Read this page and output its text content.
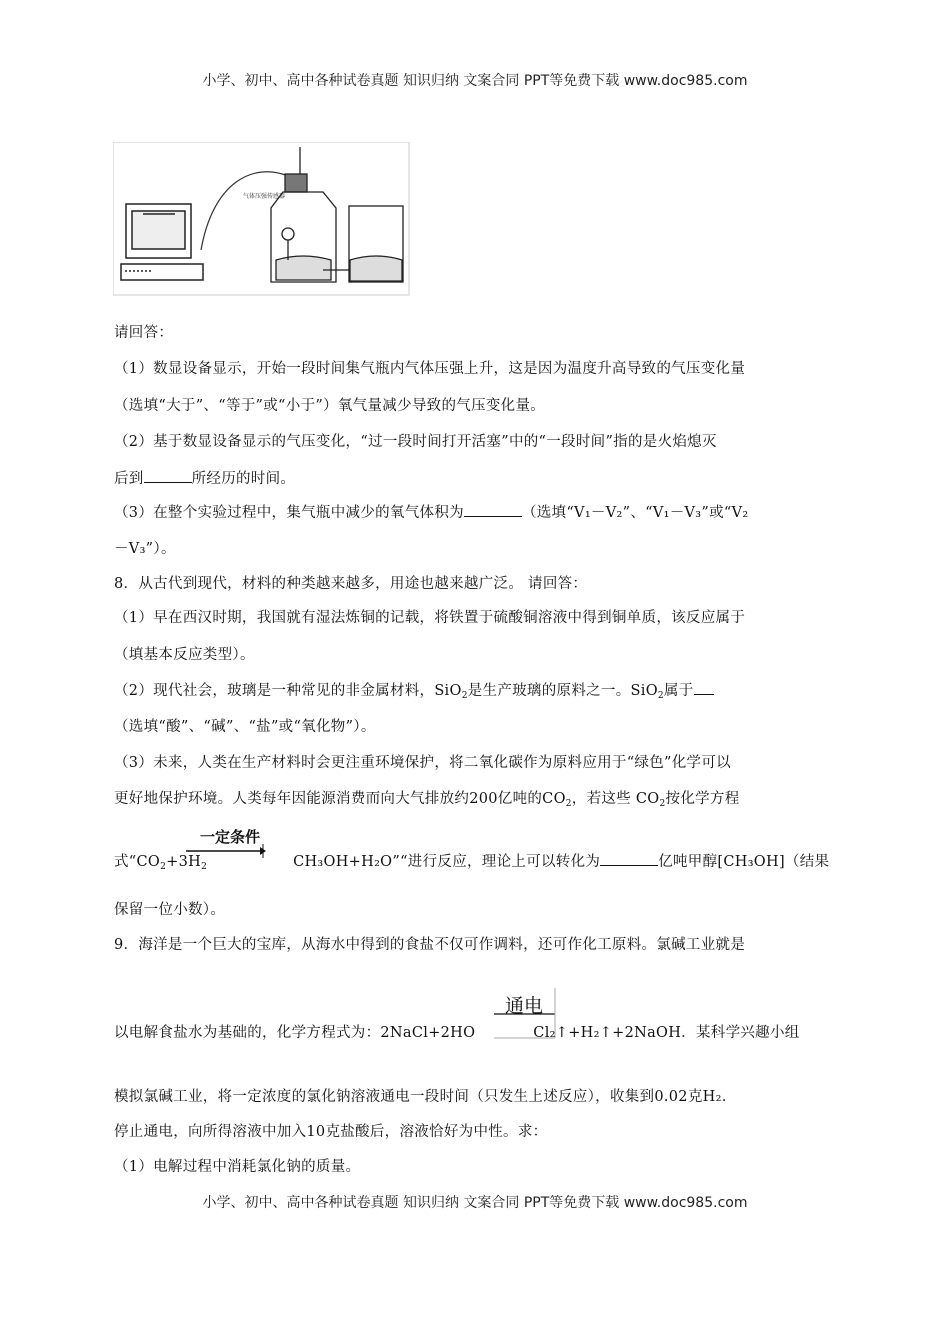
小学、初中、高中各种试卷真题 知识归纳 文案合同 PPT等免费下载 www.doc985.com
气体压强传感器
请回答：
（1）数显设备显示，开始一段时间集气瓶内气体压强上升，这是因为温度升高导致的气压变化量
（选填“大于”、“等于”或“小于”）氧气量减少导致的气压变化量。
（2）基于数显设备显示的气压变化，“过一段时间打开活塞”中的“一段时间”指的是火焰熄灭
后到	所经历的时间。
（3）在整个实验过程中，集气瓶中减少的氧气体积为	（选填“V₁－V₂”、“V₁－V₃”或“V₂
－V₃”）。
8．从古代到现代，材料的种类越来越多，用途也越来越广泛。 请回答：
（1）早在西汉时期，我国就有湿法炼铜的记载，将铁置于硫酸铜溶液中得到铜单质，该反应属于
（填基本反应类型）。
（2）现代社会，玻璃是一种常见的非金属材料，SiO$_2$是生产玻璃的原料之一。SiO$_2$属于
（选填“酸”、“碱”、“盐”或“氧化物”）。
（3）未来，人类在生产材料时会更注重环境保护，将二氧化碳作为原料应用于“绿色”化学可以
更好地保护环境。人类每年因能源消费而向大气排放约200亿吨的$CO_2$，若这些 $CO_2$按化学方程
一定条件
式“$CO_2+3H_2$	CH₃OH+H₂O”“进行反应，理论上可以转化为	亿吨甲醇[CH₃OH]（结果
保留一位小数）。
9．海洋是一个巨大的宝库，从海水中得到的食盐不仅可作调料，还可作化工原料。氯碱工业就是
通电
以电解食盐水为基础的，化学方程式为：2NaCl+2HO	Cl₂↑+H₂↑+2NaOH．某科学兴趣小组
模拟氯碱工业，将一定浓度的氯化钠溶液通电一段时间（只发生上述反应），收集到0.02克H₂.
停止通电，向所得溶液中加入10克盐酸后，溶液恰好为中性。求：
（1）电解过程中消耗氯化钠的质量。
小学、初中、高中各种试卷真题 知识归纳 文案合同 PPT等免费下载 www.doc985.com
